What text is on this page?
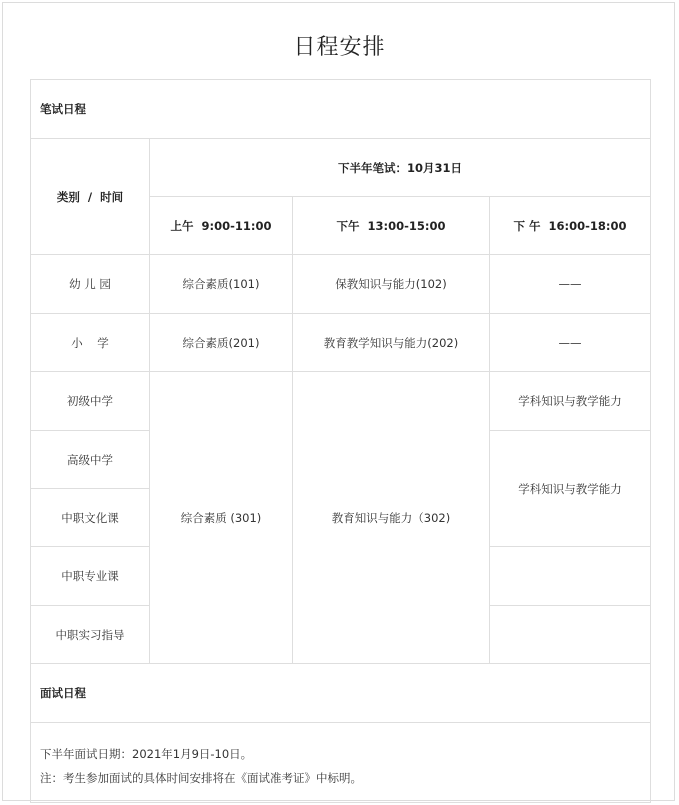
日程安排
笔试日程			
类别  /  时间	下半年笔试：10月31日		
	上午  9:00-11:00	下午  13:00-15:00	下 午  16:00-18:00
幼 儿 园	综合素质(101)	保教知识与能力(102)	——
小    学	综合素质(201)	教育教学知识与能力(202)	——
初级中学	综合素质 (301)	教育知识与能力（302)	学科知识与教学能力
高级中学			学科知识与教学能力
中职文化课			
中职专业课			
中职实习指导			
面试日程			

下半年面试日期：2021年1月9日-10日。
注：考生参加面试的具体时间安排将在《面试准考证》中标明。			
